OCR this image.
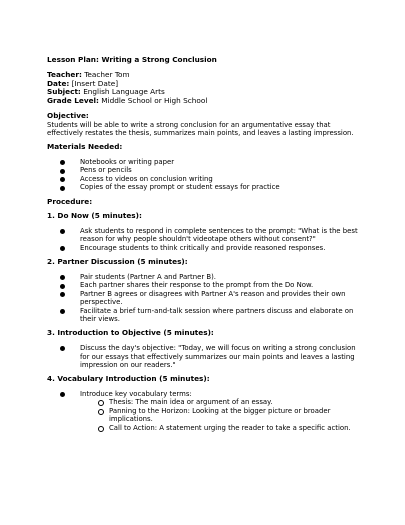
Lesson Plan: Writing a Strong Conclusion
Teacher: Teacher Tom
Date: [Insert Date]
Subject: English Language Arts
Grade Level: Middle School or High School
Objective:

Students will be able to write a strong conclusion for an argumentative essay that effectively restates the thesis, summarizes main points, and leaves a lasting impression.

Materials Needed:
Notebooks or writing paper
Pens or pencils
Access to videos on conclusion writing
Copies of the essay prompt or student essays for practice
Procedure:
1. Do Now (5 minutes):
Ask students to respond in complete sentences to the prompt: "What is the best reason for why people shouldn't videotape others without consent?"
Encourage students to think critically and provide reasoned responses.
2. Partner Discussion (5 minutes):
Pair students (Partner A and Partner B).
Each partner shares their response to the prompt from the Do Now.
Partner B agrees or disagrees with Partner A's reason and provides their own perspective.
Facilitate a brief turn-and-talk session where partners discuss and elaborate on their views.
3. Introduction to Objective (5 minutes):
Discuss the day's objective: "Today, we will focus on writing a strong conclusion for our essays that effectively summarizes our main points and leaves a lasting impression on our readers."
4. Vocabulary Introduction (5 minutes):
Introduce key vocabulary terms:
Thesis: The main idea or argument of an essay.
Panning to the Horizon: Looking at the bigger picture or broader implications.
Call to Action: A statement urging the reader to take a specific action.
